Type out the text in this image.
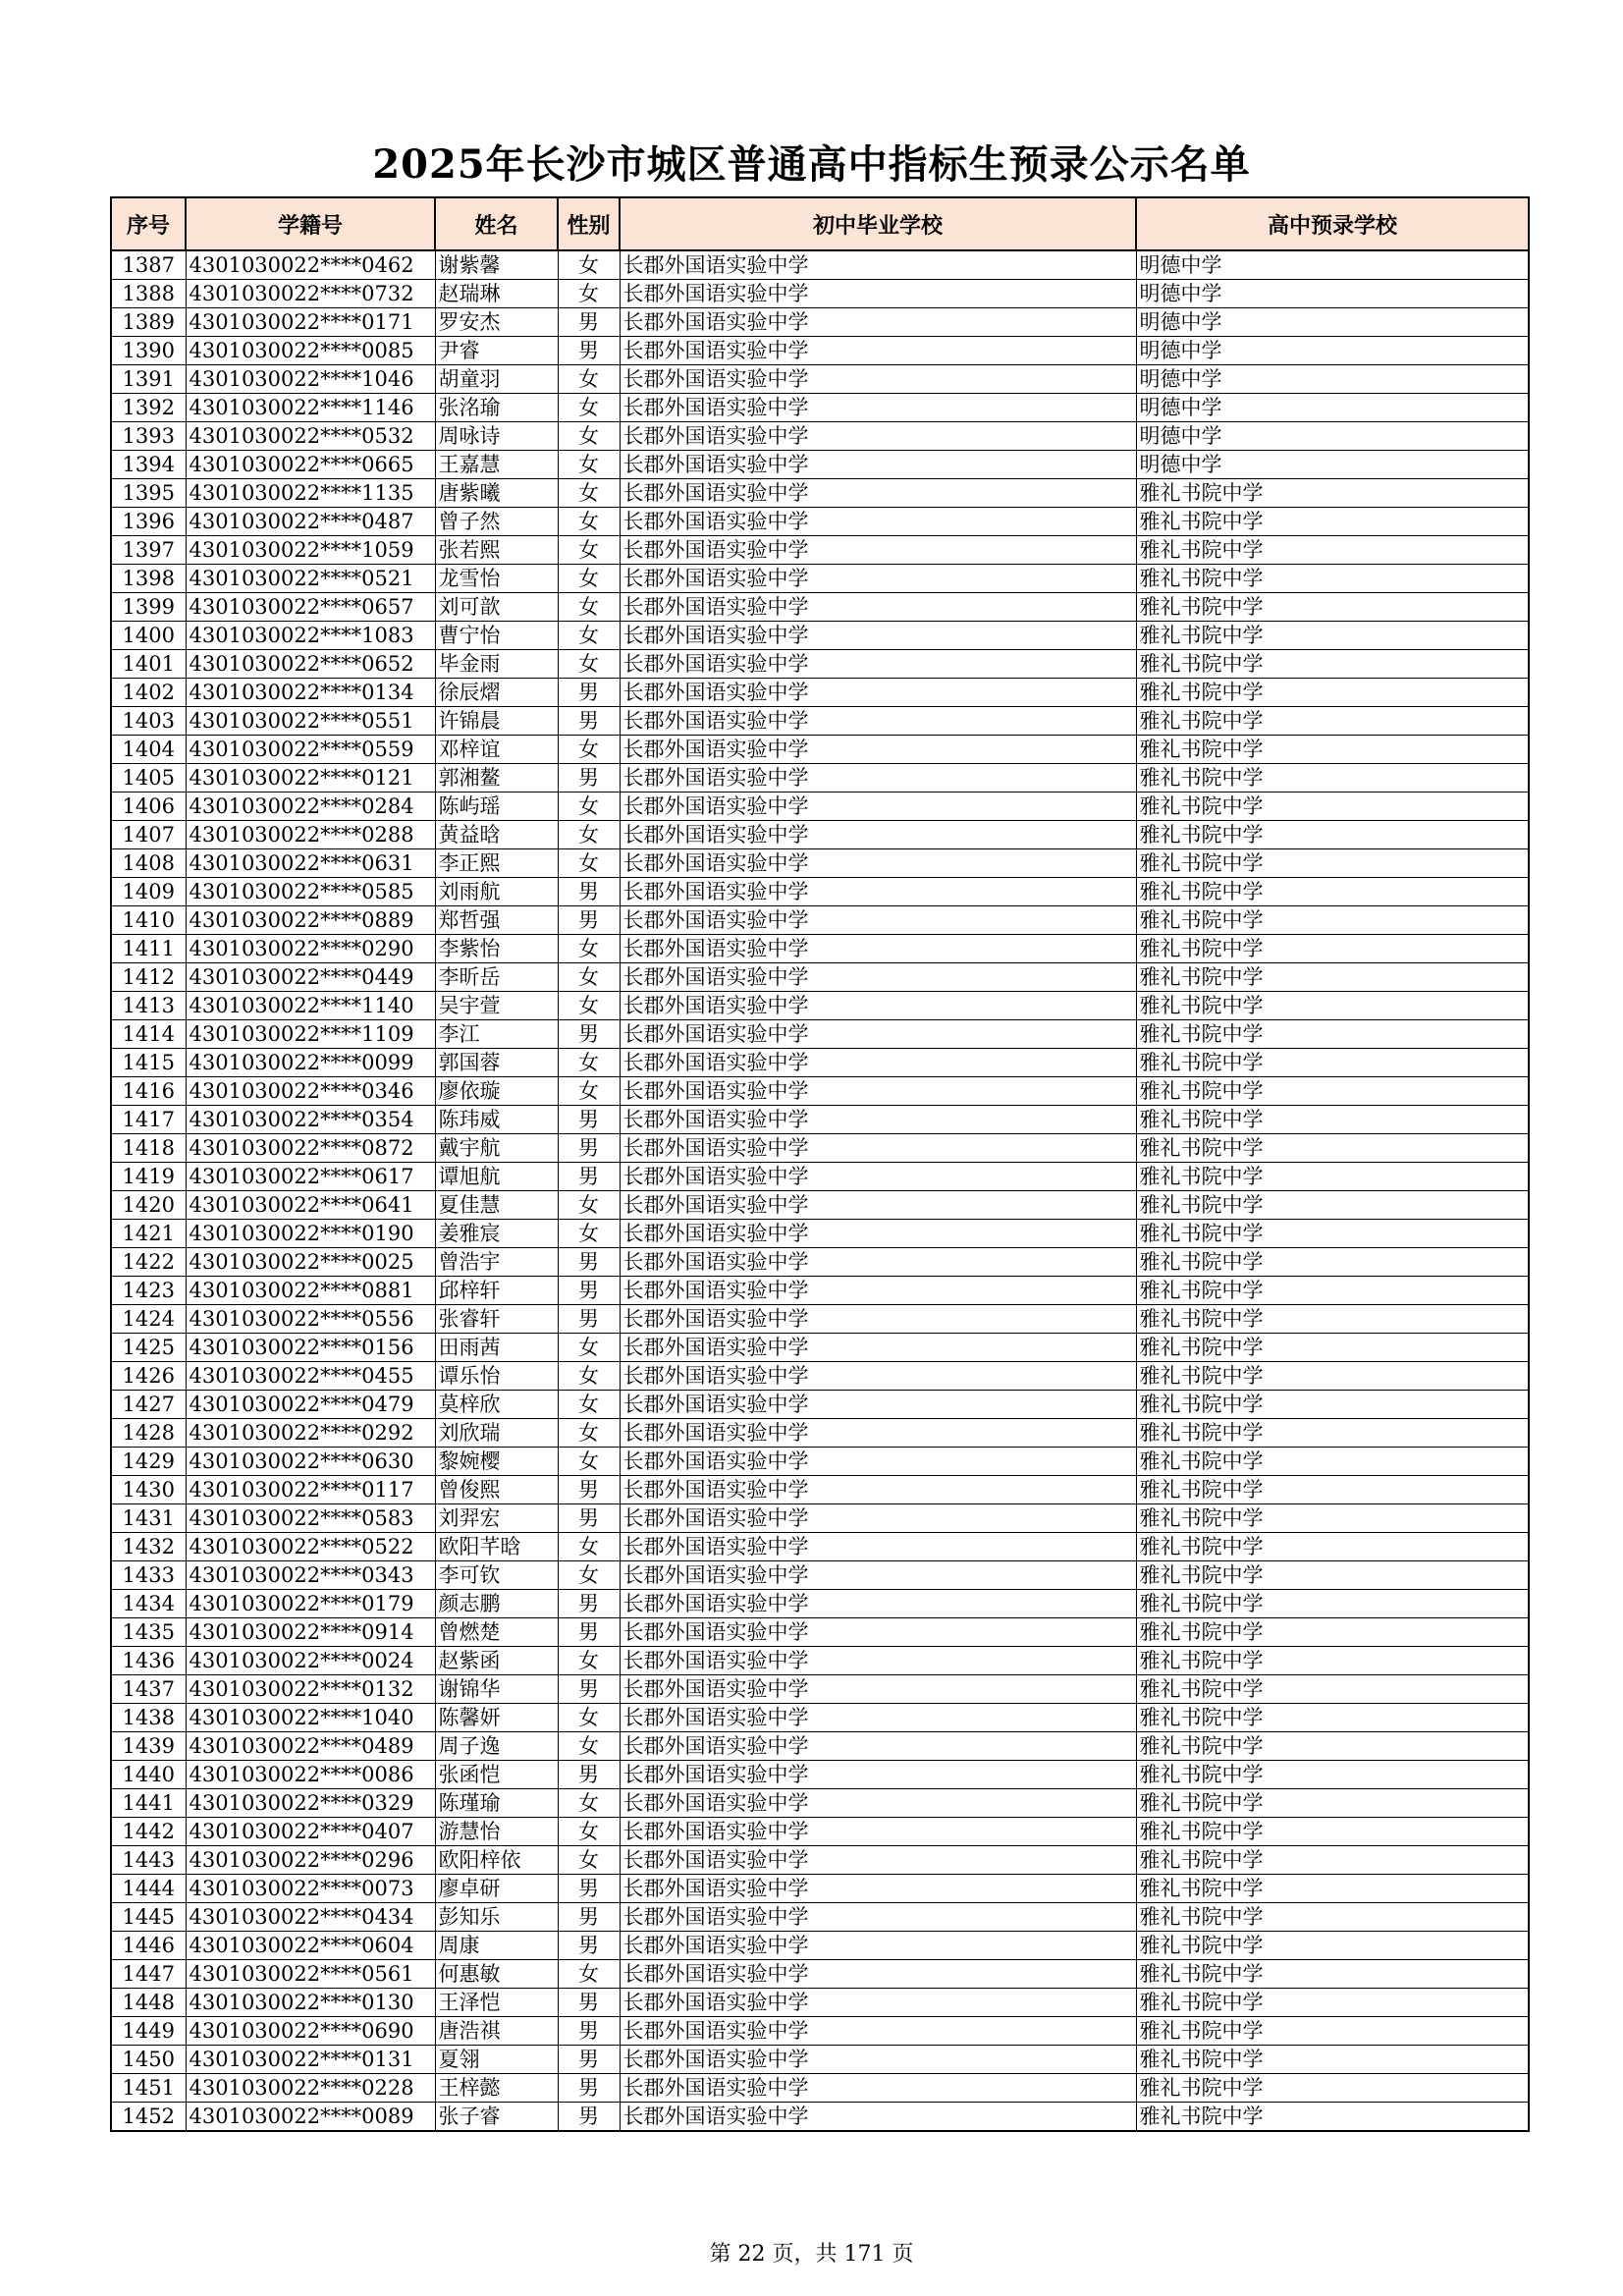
2025年长沙市城区普通高中指标生预录公示名单
序号	学籍号	姓名	性别	初中毕业学校	高中预录学校
1387	4301030022****0462	谢紫馨	女	长郡外国语实验中学	明德中学
1388	4301030022****0732	赵瑞琳	女	长郡外国语实验中学	明德中学
1389	4301030022****0171	罗安杰	男	长郡外国语实验中学	明德中学
1390	4301030022****0085	尹睿	男	长郡外国语实验中学	明德中学
1391	4301030022****1046	胡童羽	女	长郡外国语实验中学	明德中学
1392	4301030022****1146	张洺瑜	女	长郡外国语实验中学	明德中学
1393	4301030022****0532	周咏诗	女	长郡外国语实验中学	明德中学
1394	4301030022****0665	王嘉慧	女	长郡外国语实验中学	明德中学
1395	4301030022****1135	唐紫曦	女	长郡外国语实验中学	雅礼书院中学
1396	4301030022****0487	曾子然	女	长郡外国语实验中学	雅礼书院中学
1397	4301030022****1059	张若熙	女	长郡外国语实验中学	雅礼书院中学
1398	4301030022****0521	龙雪怡	女	长郡外国语实验中学	雅礼书院中学
1399	4301030022****0657	刘可歆	女	长郡外国语实验中学	雅礼书院中学
1400	4301030022****1083	曹宁怡	女	长郡外国语实验中学	雅礼书院中学
1401	4301030022****0652	毕金雨	女	长郡外国语实验中学	雅礼书院中学
1402	4301030022****0134	徐辰熠	男	长郡外国语实验中学	雅礼书院中学
1403	4301030022****0551	许锦晨	男	长郡外国语实验中学	雅礼书院中学
1404	4301030022****0559	邓梓谊	女	长郡外国语实验中学	雅礼书院中学
1405	4301030022****0121	郭湘鳌	男	长郡外国语实验中学	雅礼书院中学
1406	4301030022****0284	陈屿瑶	女	长郡外国语实验中学	雅礼书院中学
1407	4301030022****0288	黄益晗	女	长郡外国语实验中学	雅礼书院中学
1408	4301030022****0631	李正熙	女	长郡外国语实验中学	雅礼书院中学
1409	4301030022****0585	刘雨航	男	长郡外国语实验中学	雅礼书院中学
1410	4301030022****0889	郑哲强	男	长郡外国语实验中学	雅礼书院中学
1411	4301030022****0290	李紫怡	女	长郡外国语实验中学	雅礼书院中学
1412	4301030022****0449	李昕岳	女	长郡外国语实验中学	雅礼书院中学
1413	4301030022****1140	吴宇萱	女	长郡外国语实验中学	雅礼书院中学
1414	4301030022****1109	李江	男	长郡外国语实验中学	雅礼书院中学
1415	4301030022****0099	郭国蓉	女	长郡外国语实验中学	雅礼书院中学
1416	4301030022****0346	廖依璇	女	长郡外国语实验中学	雅礼书院中学
1417	4301030022****0354	陈玮威	男	长郡外国语实验中学	雅礼书院中学
1418	4301030022****0872	戴宇航	男	长郡外国语实验中学	雅礼书院中学
1419	4301030022****0617	谭旭航	男	长郡外国语实验中学	雅礼书院中学
1420	4301030022****0641	夏佳慧	女	长郡外国语实验中学	雅礼书院中学
1421	4301030022****0190	姜雅宸	女	长郡外国语实验中学	雅礼书院中学
1422	4301030022****0025	曾浩宇	男	长郡外国语实验中学	雅礼书院中学
1423	4301030022****0881	邱梓轩	男	长郡外国语实验中学	雅礼书院中学
1424	4301030022****0556	张睿轩	男	长郡外国语实验中学	雅礼书院中学
1425	4301030022****0156	田雨茜	女	长郡外国语实验中学	雅礼书院中学
1426	4301030022****0455	谭乐怡	女	长郡外国语实验中学	雅礼书院中学
1427	4301030022****0479	莫梓欣	女	长郡外国语实验中学	雅礼书院中学
1428	4301030022****0292	刘欣瑞	女	长郡外国语实验中学	雅礼书院中学
1429	4301030022****0630	黎婉樱	女	长郡外国语实验中学	雅礼书院中学
1430	4301030022****0117	曾俊熙	男	长郡外国语实验中学	雅礼书院中学
1431	4301030022****0583	刘羿宏	男	长郡外国语实验中学	雅礼书院中学
1432	4301030022****0522	欧阳芊晗	女	长郡外国语实验中学	雅礼书院中学
1433	4301030022****0343	李可钦	女	长郡外国语实验中学	雅礼书院中学
1434	4301030022****0179	颜志鹏	男	长郡外国语实验中学	雅礼书院中学
1435	4301030022****0914	曾燃楚	男	长郡外国语实验中学	雅礼书院中学
1436	4301030022****0024	赵紫函	女	长郡外国语实验中学	雅礼书院中学
1437	4301030022****0132	谢锦华	男	长郡外国语实验中学	雅礼书院中学
1438	4301030022****1040	陈馨妍	女	长郡外国语实验中学	雅礼书院中学
1439	4301030022****0489	周子逸	女	长郡外国语实验中学	雅礼书院中学
1440	4301030022****0086	张函恺	男	长郡外国语实验中学	雅礼书院中学
1441	4301030022****0329	陈瑾瑜	女	长郡外国语实验中学	雅礼书院中学
1442	4301030022****0407	游慧怡	女	长郡外国语实验中学	雅礼书院中学
1443	4301030022****0296	欧阳梓依	女	长郡外国语实验中学	雅礼书院中学
1444	4301030022****0073	廖卓研	男	长郡外国语实验中学	雅礼书院中学
1445	4301030022****0434	彭知乐	男	长郡外国语实验中学	雅礼书院中学
1446	4301030022****0604	周康	男	长郡外国语实验中学	雅礼书院中学
1447	4301030022****0561	何惠敏	女	长郡外国语实验中学	雅礼书院中学
1448	4301030022****0130	王泽恺	男	长郡外国语实验中学	雅礼书院中学
1449	4301030022****0690	唐浩祺	男	长郡外国语实验中学	雅礼书院中学
1450	4301030022****0131	夏翎	男	长郡外国语实验中学	雅礼书院中学
1451	4301030022****0228	王梓懿	男	长郡外国语实验中学	雅礼书院中学
1452	4301030022****0089	张子睿	男	长郡外国语实验中学	雅礼书院中学
第 22 页，共 171 页
